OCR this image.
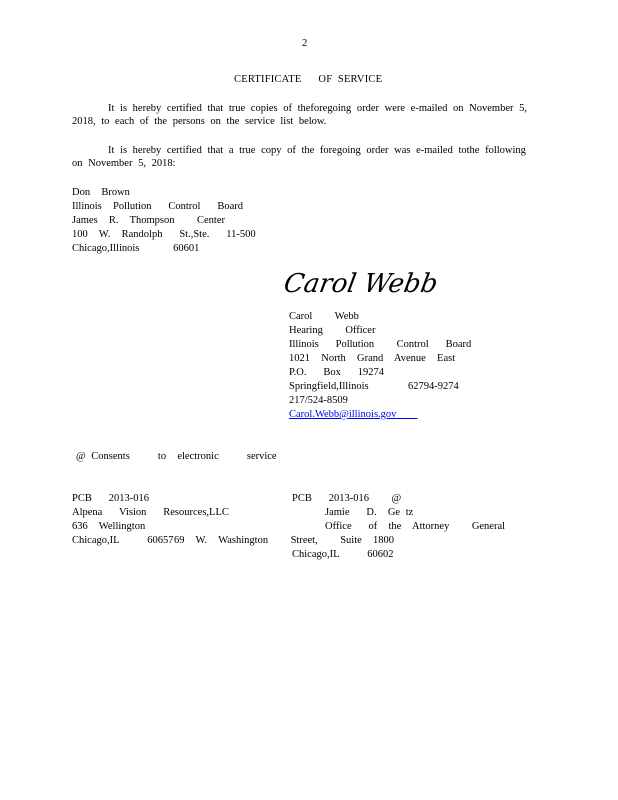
2
CERTIFICATE      OF  SERVICE
It is hereby certified that true copies of theforegoing order were e-mailed on November 5, 2018, to each of the persons on the service list below.
It is hereby certified that a true copy of the foregoing order was e-mailed tothe following on November 5, 2018:
Don  Brown
Illinois  Pollution   Control   Board
James  R.  Thompson    Center
100  W.  Randolph   St.,Ste.   11-500
Chicago,Illinois      60601
Carol Webb
Carol    Webb
Hearing    Officer
Illinois   Pollution    Control   Board
1021  North  Grand  Avenue  East
P.O.   Box   19274
Springfield,Illinois       62794-9274
217/524-8509
Carol.Webb@illinois.gov
@ Consents     to  electronic     service
PCB   2013-016
Alpena   Vision   Resources,LLC
636  Wellington
Chicago,IL     60657
PCB   2013-016    @
Jamie   D.  Ge tz
Office   of  the  Attorney    General
69  W.  Washington    Street,    Suite  1800
Chicago,IL     60602
